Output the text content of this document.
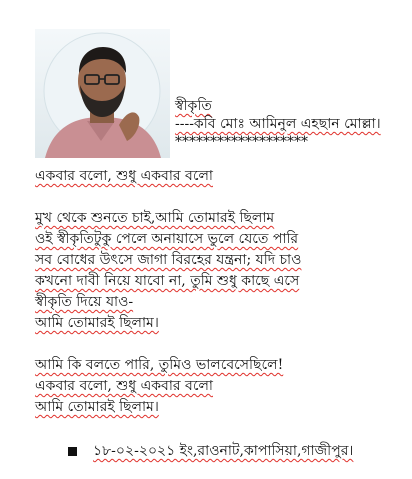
স্বীকৃতি
----কবি মোঃ আমিনুল এহছান মোল্লা।
*******************
একবার বলো, শুধু একবার বলো
মুখ থেকে শুনতে চাই,আমি তোমারই ছিলাম
ওই স্বীকৃতিটুকু পেলে অনায়াসে ভুলে যেতে পারি
সব বোধের উৎসে জাগা বিরহের যন্ত্রনা; যদি চাও
কখনো দাবী নিয়ে যাবো না, তুমি শুধু কাছে এসে
স্বীকৃতি দিয়ে যাও-
আমি তোমারই ছিলাম।
আমি কি বলতে পারি, তুমিও ভালবেসেছিলে!
একবার বলো, শুধু একবার বলো
আমি তোমারই ছিলাম।
১৮-০২-২০২১ ইং,রাওনাট,কাপাসিয়া,গাজীপুর।
